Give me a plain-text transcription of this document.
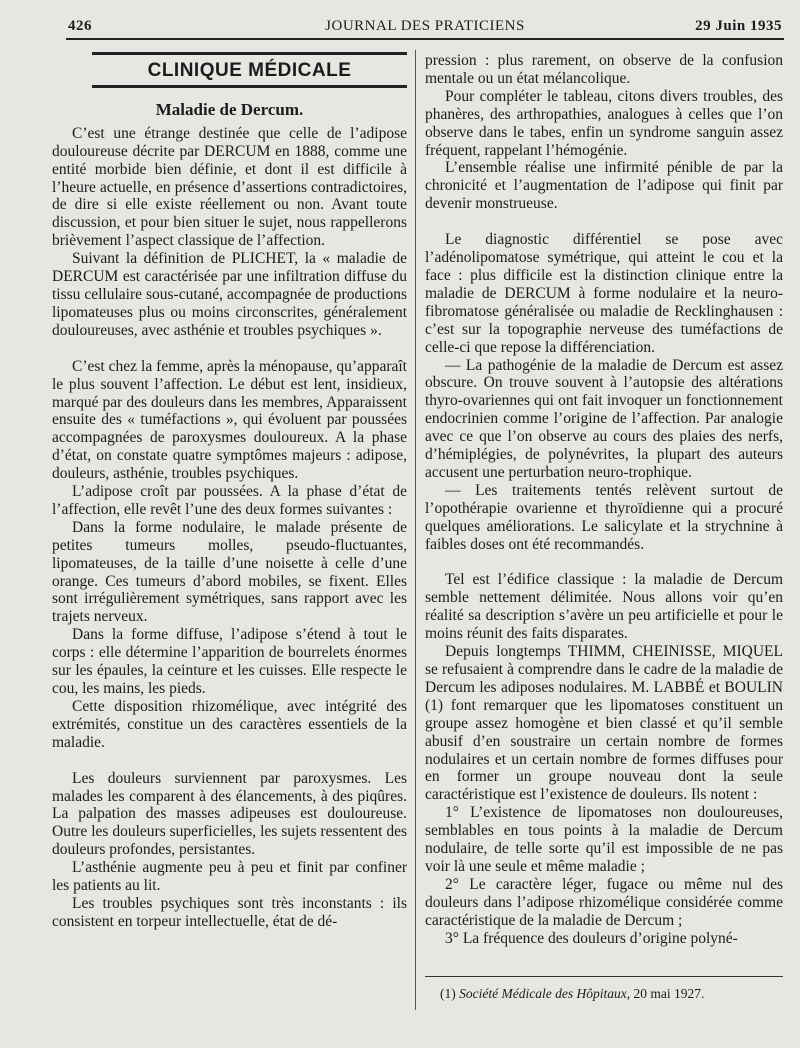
426	JOURNAL DES PRATICIENS	29 Juin 1935
CLINIQUE MÉDICALE
Maladie de Dercum.

C’est une étrange destinée que celle de l’adipose douloureuse décrite par DERCUM en 1888, comme une entité morbide bien définie, et dont il est difficile à l’heure actuelle, en présence d’assertions contradictoires, de dire si elle existe réellement ou non. Avant toute discussion, et pour bien situer le sujet, nous rappellerons brièvement l’aspect classique de l’affection.

Suivant la définition de PLICHET, la « maladie de DERCUM est caractérisée par une infiltration diffuse du tissu cellulaire sous-cutané, accompagnée de productions lipomateuses plus ou moins circonscrites, généralement douloureuses, avec asthénie et troubles psychiques ».

C’est chez la femme, après la ménopause, qu’apparaît le plus souvent l’affection. Le début est lent, insidieux, marqué par des douleurs dans les membres, Apparaissent ensuite des « tuméfactions », qui évoluent par poussées accompagnées de paroxysmes douloureux. A la phase d’état, on constate quatre symptômes majeurs : adipose, douleurs, asthénie, troubles psychiques.

L’adipose croît par poussées. A la phase d’état de l’affection, elle revêt l’une des deux formes suivantes :

Dans la forme nodulaire, le malade présente de petites tumeurs molles, pseudo-fluctuantes, lipomateuses, de la taille d’une noisette à celle d’une orange. Ces tumeurs d’abord mobiles, se fixent. Elles sont irrégulièrement symétriques, sans rapport avec les trajets nerveux.

Dans la forme diffuse, l’adipose s’étend à tout le corps : elle détermine l’apparition de bourrelets énormes sur les épaules, la ceinture et les cuisses. Elle respecte le cou, les mains, les pieds.

Cette disposition rhizomélique, avec intégrité des extrémités, constitue un des caractères essentiels de la maladie.

Les douleurs surviennent par paroxysmes. Les malades les comparent à des élancements, à des piqûres. La palpation des masses adipeuses est douloureuse. Outre les douleurs superficielles, les sujets ressentent des douleurs profondes, persistantes.

L’asthénie augmente peu à peu et finit par confiner les patients au lit.

Les troubles psychiques sont très inconstants : ils consistent en torpeur intellectuelle, état de dé-

pression : plus rarement, on observe de la confusion mentale ou un état mélancolique.

Pour compléter le tableau, citons divers troubles, des phanères, des arthropathies, analogues à celles que l’on observe dans le tabes, enfin un syndrome sanguin assez fréquent, rappelant l’hémogénie.

L’ensemble réalise une infirmité pénible de par la chronicité et l’augmentation de l’adipose qui finit par devenir monstrueuse.

Le diagnostic différentiel se pose avec l’adénolipomatose symétrique, qui atteint le cou et la face : plus difficile est la distinction clinique entre la maladie de DERCUM à forme nodulaire et la neuro-fibromatose généralisée ou maladie de Recklinghausen : c’est sur la topographie nerveuse des tuméfactions de celle-ci que repose la différenciation.

— La pathogénie de la maladie de Dercum est assez obscure. On trouve souvent à l’autopsie des altérations thyro-ovariennes qui ont fait invoquer un fonctionnement endocrinien comme l’origine de l’affection. Par analogie avec ce que l’on observe au cours des plaies des nerfs, d’hémiplégies, de polynévrites, la plupart des auteurs accusent une perturbation neuro-trophique.

— Les traitements tentés relèvent surtout de l’opothérapie ovarienne et thyroïdienne qui a procuré quelques améliorations. Le salicylate et la strychnine à faibles doses ont été recommandés.

Tel est l’édifice classique : la maladie de Dercum semble nettement délimitée. Nous allons voir qu’en réalité sa description s’avère un peu artificielle et pour le moins réunit des faits disparates.

Depuis longtemps THIMM, CHEINISSE, MIQUEL se refusaient à comprendre dans le cadre de la maladie de Dercum les adiposes nodulaires. M. LABBÉ et BOULIN (1) font remarquer que les lipomatoses constituent un groupe assez homogène et bien classé et qu’il semble abusif d’en soustraire un certain nombre de formes nodulaires et un certain nombre de formes diffuses pour en former un groupe nouveau dont la seule caractéristique est l’existence de douleurs. Ils notent :

1° L’existence de lipomatoses non douloureuses, semblables en tous points à la maladie de Dercum nodulaire, de telle sorte qu’il est impossible de ne pas voir là une seule et même maladie ;

2° Le caractère léger, fugace ou même nul des douleurs dans l’adipose rhizomélique considérée comme caractéristique de la maladie de Dercum ;

3° La fréquence des douleurs d’origine polyné-

(1) Société Médicale des Hôpitaux, 20 mai 1927.
